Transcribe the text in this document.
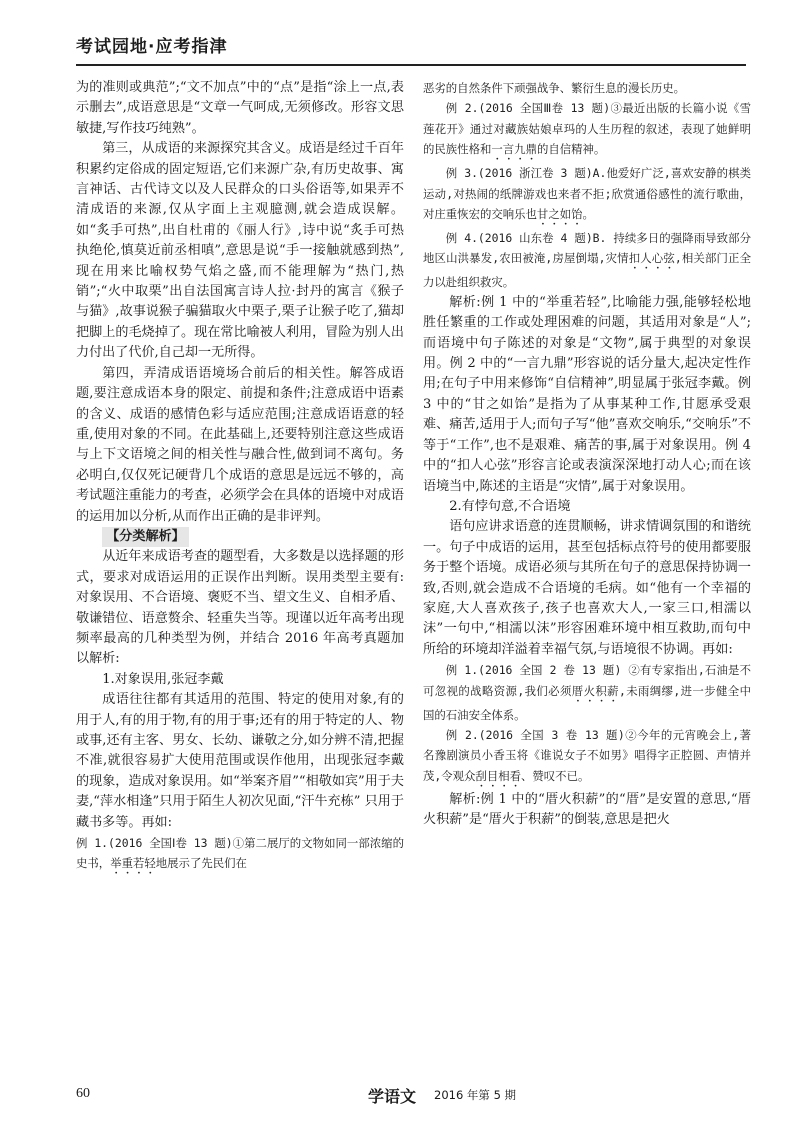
考试园地·应考指津

为的准则或典范”;“文不加点”中的“点”是指“涂上一点,表示删去”,成语意思是“文章一气呵成,无须修改。形容文思敏捷,写作技巧纯熟”。

第三，从成语的来源探究其含义。成语是经过千百年积累约定俗成的固定短语,它们来源广杂,有历史故事、寓言神话、古代诗文以及人民群众的口头俗语等,如果弄不清成语的来源,仅从字面上主观臆测,就会造成误解。如“炙手可热”,出自杜甫的《丽人行》,诗中说“炙手可热执绝伦,慎莫近前丞相嗔”,意思是说“手一接触就感到热”,现在用来比喻权势气焰之盛,而不能理解为“热门,热销”;“火中取栗”出自法国寓言诗人拉·封丹的寓言《猴子与猫》,故事说猴子骗猫取火中栗子,栗子让猴子吃了,猫却把脚上的毛烧掉了。现在常比喻被人利用，冒险为别人出力付出了代价,自己却一无所得。

第四，弄清成语语境场合前后的相关性。解答成语题,要注意成语本身的限定、前提和条件;注意成语中语素的含义、成语的感情色彩与适应范围;注意成语语意的轻重,使用对象的不同。在此基础上,还要特别注意这些成语与上下文语境之间的相关性与融合性,做到词不离句。务必明白,仅仅死记硬背几个成语的意思是远远不够的，高考试题注重能力的考查，必须学会在具体的语境中对成语的运用加以分析,从而作出正确的是非评判。

【分类解析】

从近年来成语考查的题型看，大多数是以选择题的形式，要求对成语运用的正误作出判断。误用类型主要有:对象误用、不合语境、褒贬不当、望文生义、自相矛盾、敬谦错位、语意赘余、轻重失当等。现谨以近年高考出现频率最高的几种类型为例，并结合 2016 年高考真题加以解析:

1.对象误用,张冠李戴

成语往往都有其适用的范围、特定的使用对象,有的用于人,有的用于物,有的用于事;还有的用于特定的人、物或事,还有主客、男女、长幼、谦敬之分,如分辨不清,把握不准,就很容易扩大使用范围或误作他用，出现张冠李戴的现象，造成对象误用。如“举案齐眉”“相敬如宾”用于夫妻,“萍水相逢”只用于陌生人初次见面,“汗牛充栋” 只用于藏书多等。再如:

例 1.(2016 全国Ⅰ卷 13 题)①第二展厅的文物如同一部浓缩的史书，举重若轻地展示了先民们在

恶劣的自然条件下顽强战争、繁衍生息的漫长历史。

例 2.(2016 全国Ⅲ卷 13 题)③最近出版的长篇小说《雪莲花开》通过对藏族姑娘卓玛的人生历程的叙述，表现了她鲜明的民族性格和一言九鼎的自信精神。

例 3.(2016 浙江卷 3 题)A.他爱好广泛,喜欢安静的棋类运动,对热闹的纸牌游戏也来者不拒;欣赏通俗感性的流行歌曲，对庄重恢宏的交响乐也甘之如饴。

例 4.(2016 山东卷 4 题)B. 持续多日的强降雨导致部分地区山洪暴发,农田被淹,房屋倒塌,灾情扣人心弦,相关部门正全力以赴组织救灾。

解析:例 1 中的“举重若轻”,比喻能力强,能够轻松地胜任繁重的工作或处理困难的问题，其适用对象是“人”;而语境中句子陈述的对象是“文物”,属于典型的对象误用。例 2 中的“一言九鼎”形容说的话分量大,起决定性作用;在句子中用来修饰“自信精神”,明显属于张冠李戴。例 3 中的“甘之如饴”是指为了从事某种工作,甘愿承受艰难、痛苦,适用于人;而句子写“他”喜欢交响乐,“交响乐”不等于“工作”,也不是艰难、痛苦的事,属于对象误用。例 4 中的“扣人心弦”形容言论或表演深深地打动人心;而在该语境当中,陈述的主语是“灾情”,属于对象误用。

2.有悖句意,不合语境

语句应讲求语意的连贯顺畅，讲求情调氛围的和谐统一。句子中成语的运用，甚至包括标点符号的使用都要服务于整个语境。成语必须与其所在句子的意思保持协调一致,否则,就会造成不合语境的毛病。如“他有一个幸福的家庭,大人喜欢孩子,孩子也喜欢大人,一家三口,相濡以沫”一句中,“相濡以沫”形容困难环境中相互救助,而句中所给的环境却洋溢着幸福气氛,与语境很不协调。再如:

例 1.(2016 全国 2 卷 13 题) ②有专家指出,石油是不可忽视的战略资源,我们必须厝火积薪,未雨绸缪,进一步健全中国的石油安全体系。

例 2.(2016 全国 3 卷 13 题)②今年的元宵晚会上,著名豫剧演员小香玉将《谁说女子不如男》唱得字正腔圆、声情并茂,令观众刮目相看、赞叹不已。

解析:例 1 中的“厝火积薪”的“厝”是安置的意思,“厝火积薪”是“厝火于积薪”的倒装,意思是把火

60	学语文 2016 年第 5 期
